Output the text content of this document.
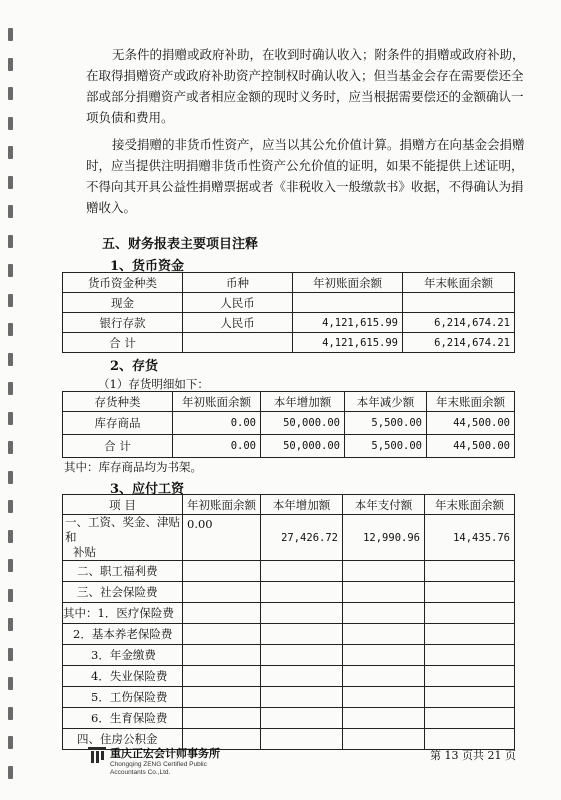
无条件的捐赠或政府补助，在收到时确认收入；附条件的捐赠或政府补助，
在取得捐赠资产或政府补助资产控制权时确认收入；但当基金会存在需要偿还全
部或部分捐赠资产或者相应金额的现时义务时，应当根据需要偿还的金额确认一
项负债和费用。
接受捐赠的非货币性资产，应当以其公允价值计算。捐赠方在向基金会捐赠
时，应当提供注明捐赠非货币性资产公允价值的证明，如果不能提供上述证明，
不得向其开具公益性捐赠票据或者《非税收入一般缴款书》收据，不得确认为捐
赠收入。
五、财务报表主要项目注释
1、货币资金
货币资金种类	币种	年初账面余额	年末帐面余额
现金	人民币		
银行存款	人民币	4,121,615.99	6,214,674.21
合 计		4,121,615.99	6,214,674.21
2、存货
（1）存货明细如下：
存货种类	年初账面余额	本年增加额	本年减少额	年末账面余额
库存商品	0.00	50,000.00	5,500.00	44,500.00
合 计	0.00	50,000.00	5,500.00	44,500.00
其中：库存商品均为书架。
3、应付工资
项 目	年初账面余额	本年增加额	本年支付额	年末账面余额
一、工资、奖金、津贴和
补贴	0.00	27,426.72	12,990.96	14,435.76
二、职工福利费				
三、社会保险费				
其中：1．医疗保险费				
2．基本养老保险费				
3．年金缴费				
4．失业保险费				
5．工伤保险费				
6．生育保险费				
四、住房公积金				
重庆正宏会计师事务所
Chongqing ZENG Certified Public
Accountants Co.,Ltd.
第 13 页共 21 页
